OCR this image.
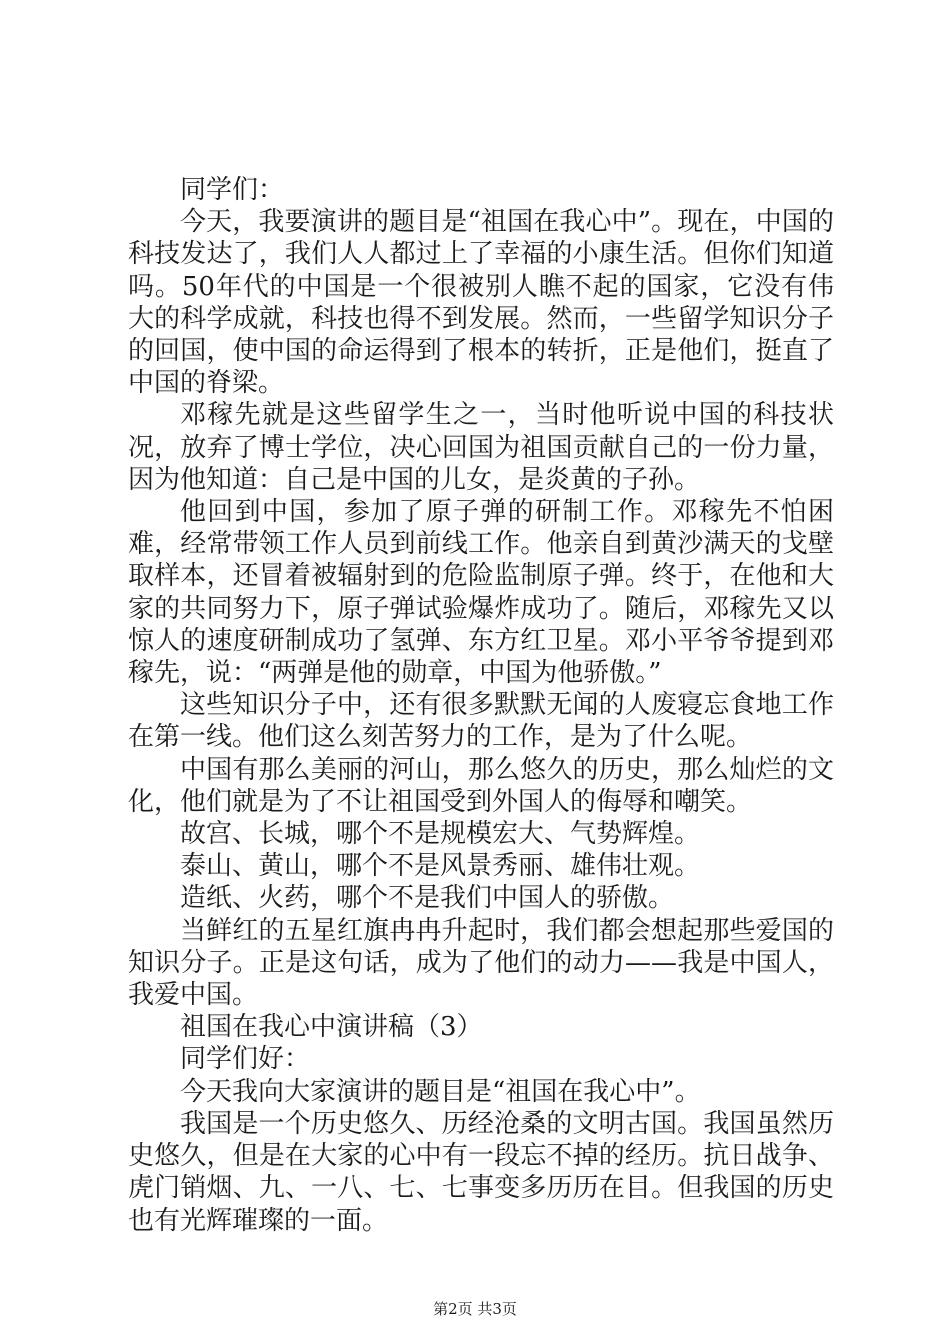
同学们：

今天，我要演讲的题目是“祖国在我心中”。现在，中国的科技发达了，我们人人都过上了幸福的小康生活。但你们知道吗。50年代的中国是一个很被别人瞧不起的国家，它没有伟大的科学成就，科技也得不到发展。然而，一些留学知识分子的回国，使中国的命运得到了根本的转折，正是他们，挺直了中国的脊梁。

邓稼先就是这些留学生之一，当时他听说中国的科技状况，放弃了博士学位，决心回国为祖国贡献自己的一份力量，因为他知道：自己是中国的儿女，是炎黄的子孙。

他回到中国，参加了原子弹的研制工作。邓稼先不怕困难，经常带领工作人员到前线工作。他亲自到黄沙满天的戈壁取样本，还冒着被辐射到的危险监制原子弹。终于，在他和大家的共同努力下，原子弹试验爆炸成功了。随后，邓稼先又以惊人的速度研制成功了氢弹、东方红卫星。邓小平爷爷提到邓稼先，说：“两弹是他的勋章，中国为他骄傲。”

这些知识分子中，还有很多默默无闻的人废寝忘食地工作在第一线。他们这么刻苦努力的工作，是为了什么呢。

中国有那么美丽的河山，那么悠久的历史，那么灿烂的文化，他们就是为了不让祖国受到外国人的侮辱和嘲笑。

故宫、长城，哪个不是规模宏大、气势辉煌。

泰山、黄山，哪个不是风景秀丽、雄伟壮观。

造纸、火药，哪个不是我们中国人的骄傲。

当鲜红的五星红旗冉冉升起时，我们都会想起那些爱国的知识分子。正是这句话，成为了他们的动力——我是中国人，我爱中国。

祖国在我心中演讲稿（3）

同学们好：

今天我向大家演讲的题目是“祖国在我心中”。

我国是一个历史悠久、历经沧桑的文明古国。我国虽然历史悠久，但是在大家的心中有一段忘不掉的经历。抗日战争、虎门销烟、九、一八、七、七事变多历历在目。但我国的历史也有光辉璀璨的一面。

第2页 共3页
